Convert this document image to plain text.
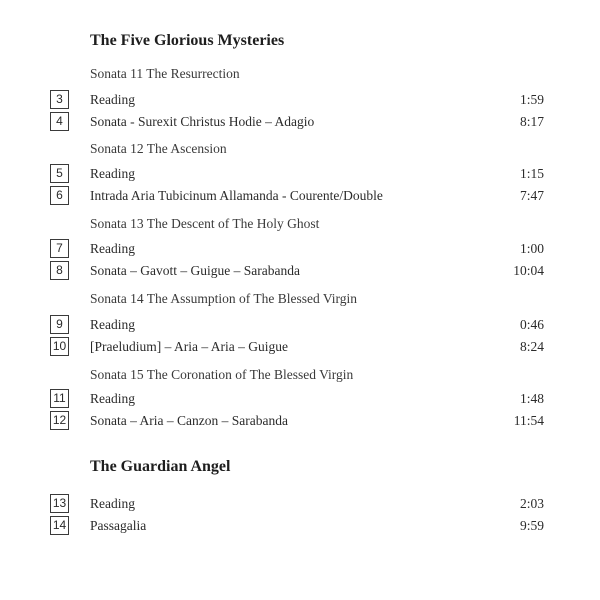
The Five Glorious Mysteries
Sonata 11 The Resurrection
3	Reading	1:59
4	Sonata - Surexit Christus Hodie – Adagio	8:17
Sonata 12 The Ascension
5	Reading	1:15
6	Intrada Aria Tubicinum Allamanda - Courente/Double	7:47
Sonata 13 The Descent of The Holy Ghost
7	Reading	1:00
8	Sonata – Gavott – Guigue – Sarabanda	10:04
Sonata 14 The Assumption of The Blessed Virgin
9	Reading	0:46
10 [Praeludium] – Aria – Aria – Guigue	8:24
Sonata 15 The Coronation of The Blessed Virgin
11 Reading	1:48
12 Sonata – Aria – Canzon – Sarabanda	11:54
The Guardian Angel
13 Reading	2:03
14 Passagalia	9:59
